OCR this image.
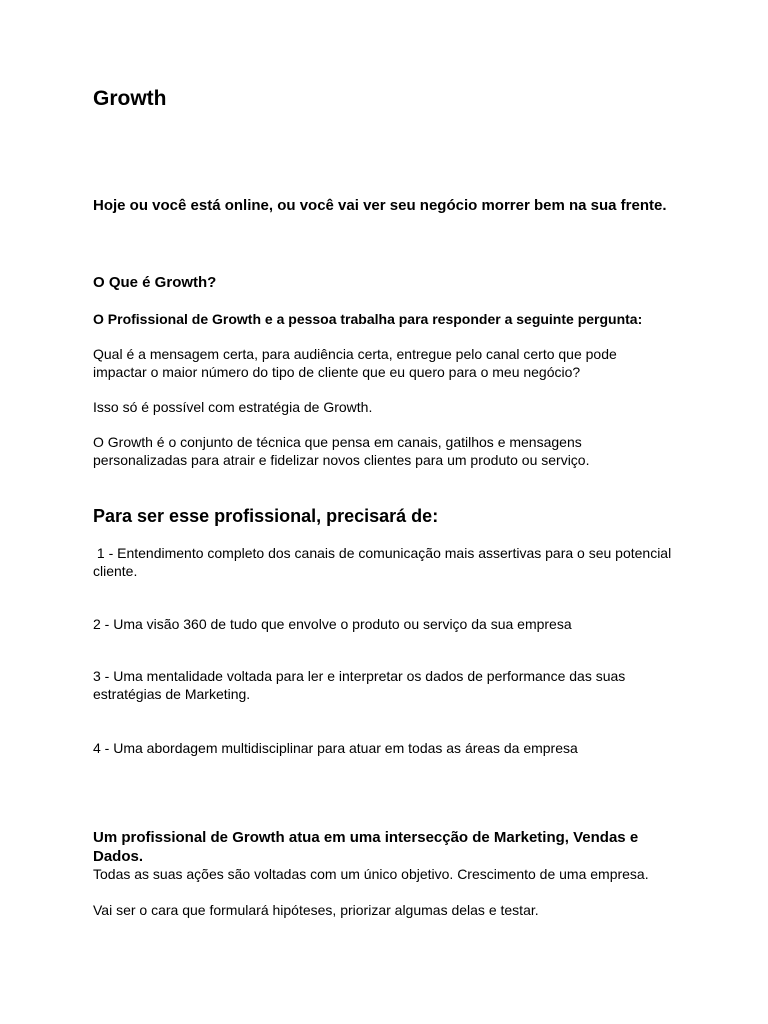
Growth

Hoje ou você está online, ou você vai ver seu negócio morrer bem na sua frente.

O Que é Growth?

O Profissional de Growth e a pessoa trabalha para responder a seguinte pergunta:

Qual é a mensagem certa, para audiência certa, entregue pelo canal certo que pode impactar o maior número do tipo de cliente que eu quero para o meu negócio?

Isso só é possível com estratégia de Growth.

O Growth é o conjunto de técnica que pensa em canais, gatilhos e mensagens personalizadas para atrair e fidelizar novos clientes para um produto ou serviço.

Para ser esse profissional, precisará de:

1 - Entendimento completo dos canais de comunicação mais assertivas para o seu potencial cliente.

2 - Uma visão 360 de tudo que envolve o produto ou serviço da sua empresa

3 - Uma mentalidade voltada para ler e interpretar os dados de performance das suas estratégias de Marketing.

4 - Uma abordagem multidisciplinar para atuar em todas as áreas da empresa

Um profissional de Growth atua em uma intersecção de Marketing, Vendas e Dados.

Todas as suas ações são voltadas com um único objetivo. Crescimento de uma empresa.

Vai ser o cara que formulará hipóteses, priorizar algumas delas e testar.
